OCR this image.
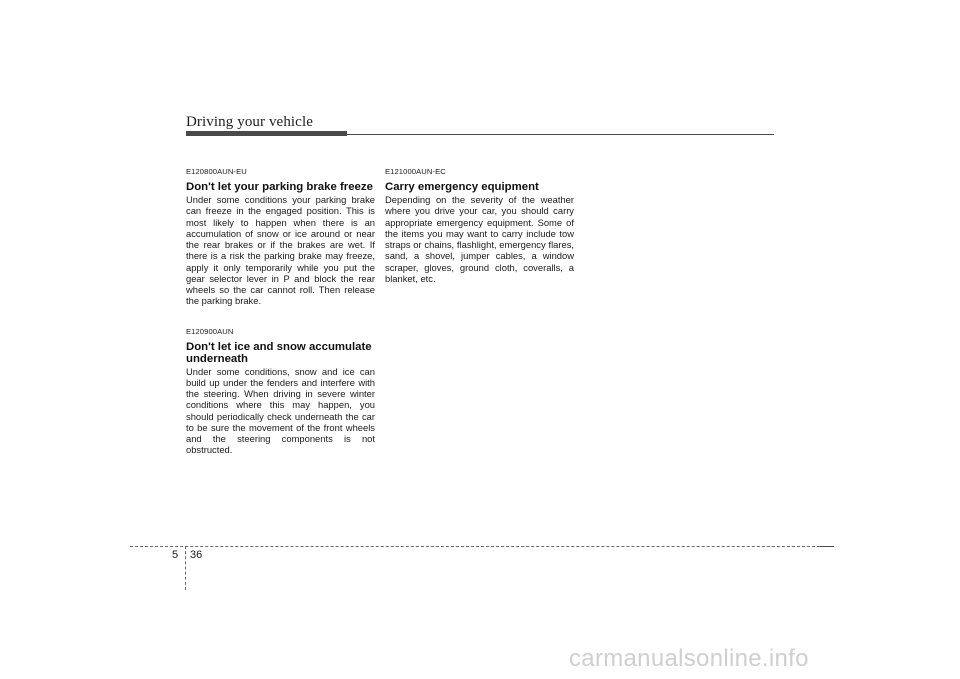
Driving your vehicle
E120800AUN-EU
Don't let your parking brake freeze

Under some conditions your parking brake can freeze in the engaged position. This is most likely to happen when there is an accumulation of snow or ice around or near the rear brakes or if the brakes are wet. If there is a risk the parking brake may freeze, apply it only temporarily while you put the gear selector lever in P and block the rear wheels so the car cannot roll. Then release the parking brake.

E120900AUN
Don't let ice and snow accumulate underneath

Under some conditions, snow and ice can build up under the fenders and interfere with the steering. When driving in severe winter conditions where this may happen, you should periodically check underneath the car to be sure the movement of the front wheels and the steering components is not obstructed.

E121000AUN-EC
Carry emergency equipment

Depending on the severity of the weather where you drive your car, you should carry appropriate emergency equipment. Some of the items you may want to carry include tow straps or chains, flashlight, emergency flares, sand, a shovel, jumper cables, a window scraper, gloves, ground cloth, coveralls, a blanket, etc.

5 36
carmanualsonline.info
